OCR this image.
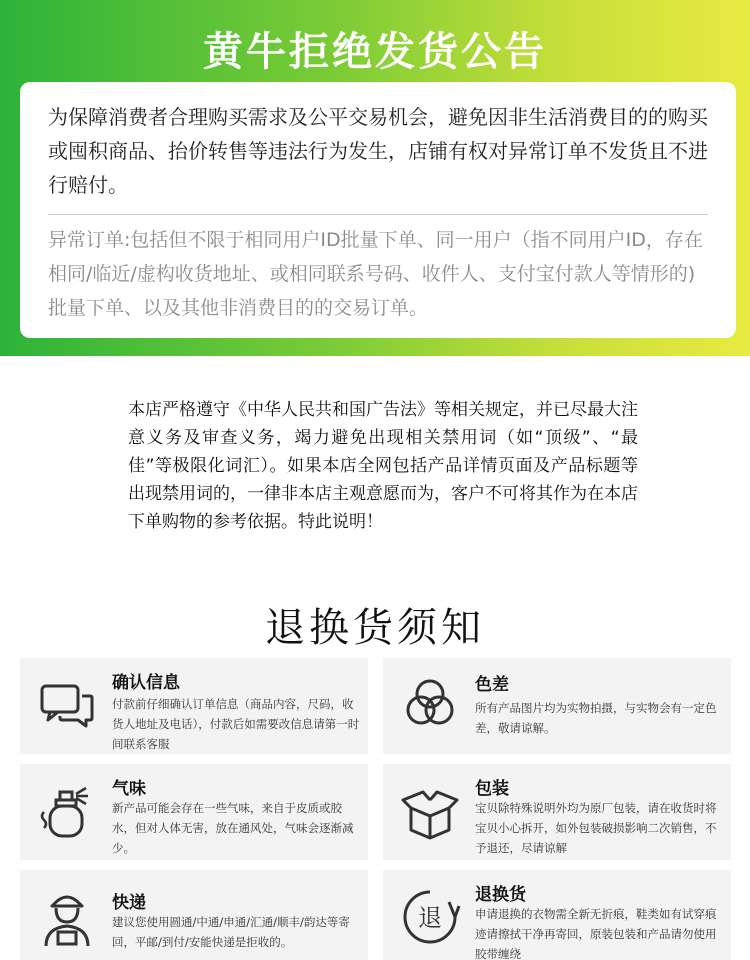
黄牛拒绝发货公告
为保障消费者合理购买需求及公平交易机会，避免因非生活消费目的的购买或囤积商品、抬价转售等违法行为发生，店铺有权对异常订单不发货且不进行赔付。
异常订单:包括但不限于相同用户ID批量下单、同一用户（指不同用户ID，存在相同/临近/虚构收货地址、或相同联系号码、收件人、支付宝付款人等情形的)批量下单、以及其他非消费目的的交易订单。
本店严格遵守《中华人民共和国广告法》等相关规定，并已尽最大注意义务及审查义务，竭力避免出现相关禁用词（如“顶级”、“最佳”等极限化词汇）。如果本店全网包括产品详情页面及产品标题等出现禁用词的，一律非本店主观意愿而为，客户不可将其作为在本店下单购物的参考依据。特此说明！
退换货须知
确认信息
付款前仔细确认订单信息（商品内容，尺码，收货人地址及电话），付款后如需要改信息请第一时间联系客服
色差
所有产品图片均为实物拍摄，与实物会有一定色差，敬请谅解。
气味
新产品可能会存在一些气味，来自于皮质或胶水，但对人体无害，放在通风处，气味会逐渐减少。
包装
宝贝除特殊说明外均为原厂包装，请在收货时将宝贝小心拆开，如外包装破损影响二次销售，不予退还，尽请谅解
快递
建议您使用圆通/中通/申通/汇通/顺丰/韵达等寄回，平邮/到付/安能快递是拒收的。
退
退换货
申请退换的衣物需全新无折痕，鞋类如有试穿痕迹请擦拭干净再寄回，原装包装和产品请勿使用胶带缠绕
